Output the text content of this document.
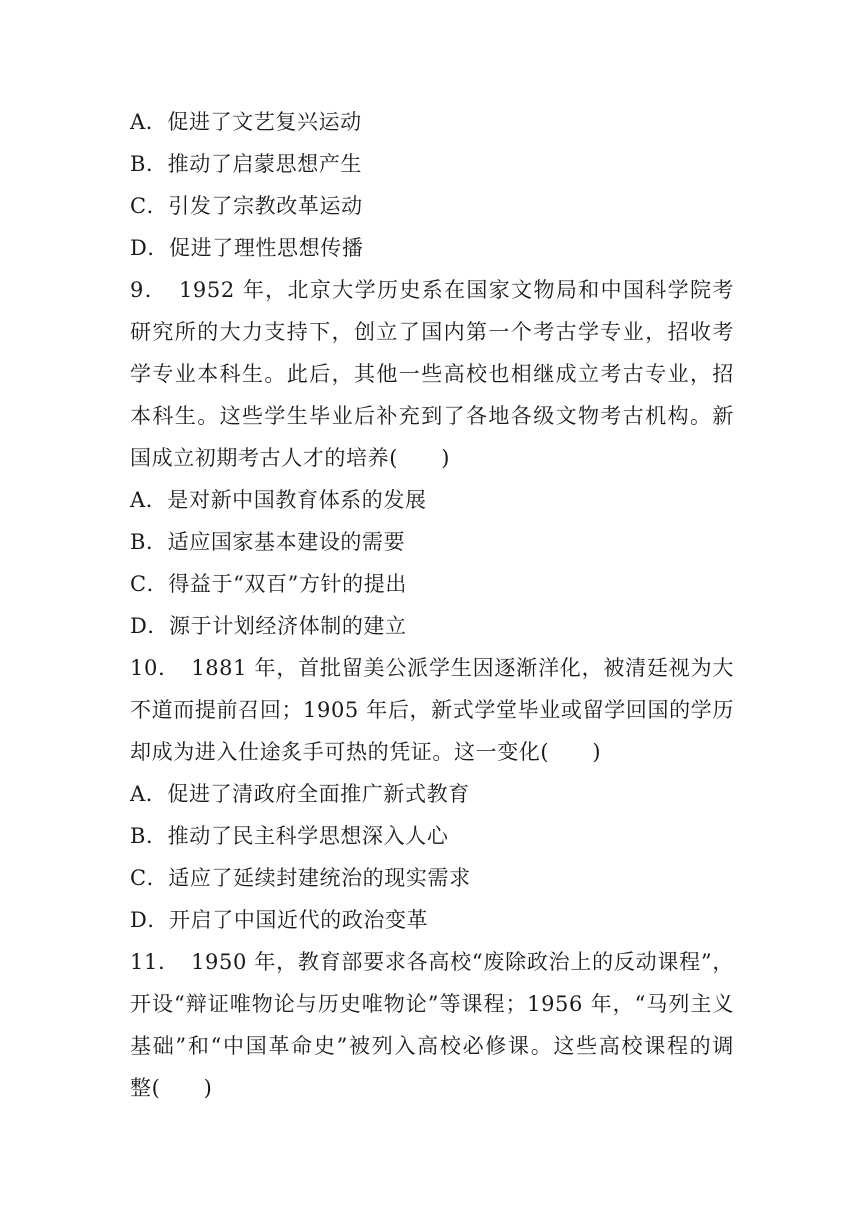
A．促进了文艺复兴运动
B．推动了启蒙思想产生
C．引发了宗教改革运动
D．促进了理性思想传播
9．　1952 年，北京大学历史系在国家文物局和中国科学院考
研究所的大力支持下，创立了国内第一个考古学专业，招收考
学专业本科生。此后，其他一些高校也相继成立考古专业，招
本科生。这些学生毕业后补充到了各地各级文物考古机构。新
国成立初期考古人才的培养(　　)
A．是对新中国教育体系的发展
B．适应国家基本建设的需要
C．得益于“双百”方针的提出
D．源于计划经济体制的建立
10．　1881 年，首批留美公派学生因逐渐洋化，被清廷视为大
不道而提前召回；1905 年后，新式学堂毕业或留学回国的学历
却成为进入仕途炙手可热的凭证。这一变化(　　)
A．促进了清政府全面推广新式教育
B．推动了民主科学思想深入人心
C．适应了延续封建统治的现实需求
D．开启了中国近代的政治变革
11．　1950 年，教育部要求各高校“废除政治上的反动课程”，
开设“辩证唯物论与历史唯物论”等课程；1956 年，“马列主义
基础”和“中国革命史”被列入高校必修课。这些高校课程的调
整(　　)
